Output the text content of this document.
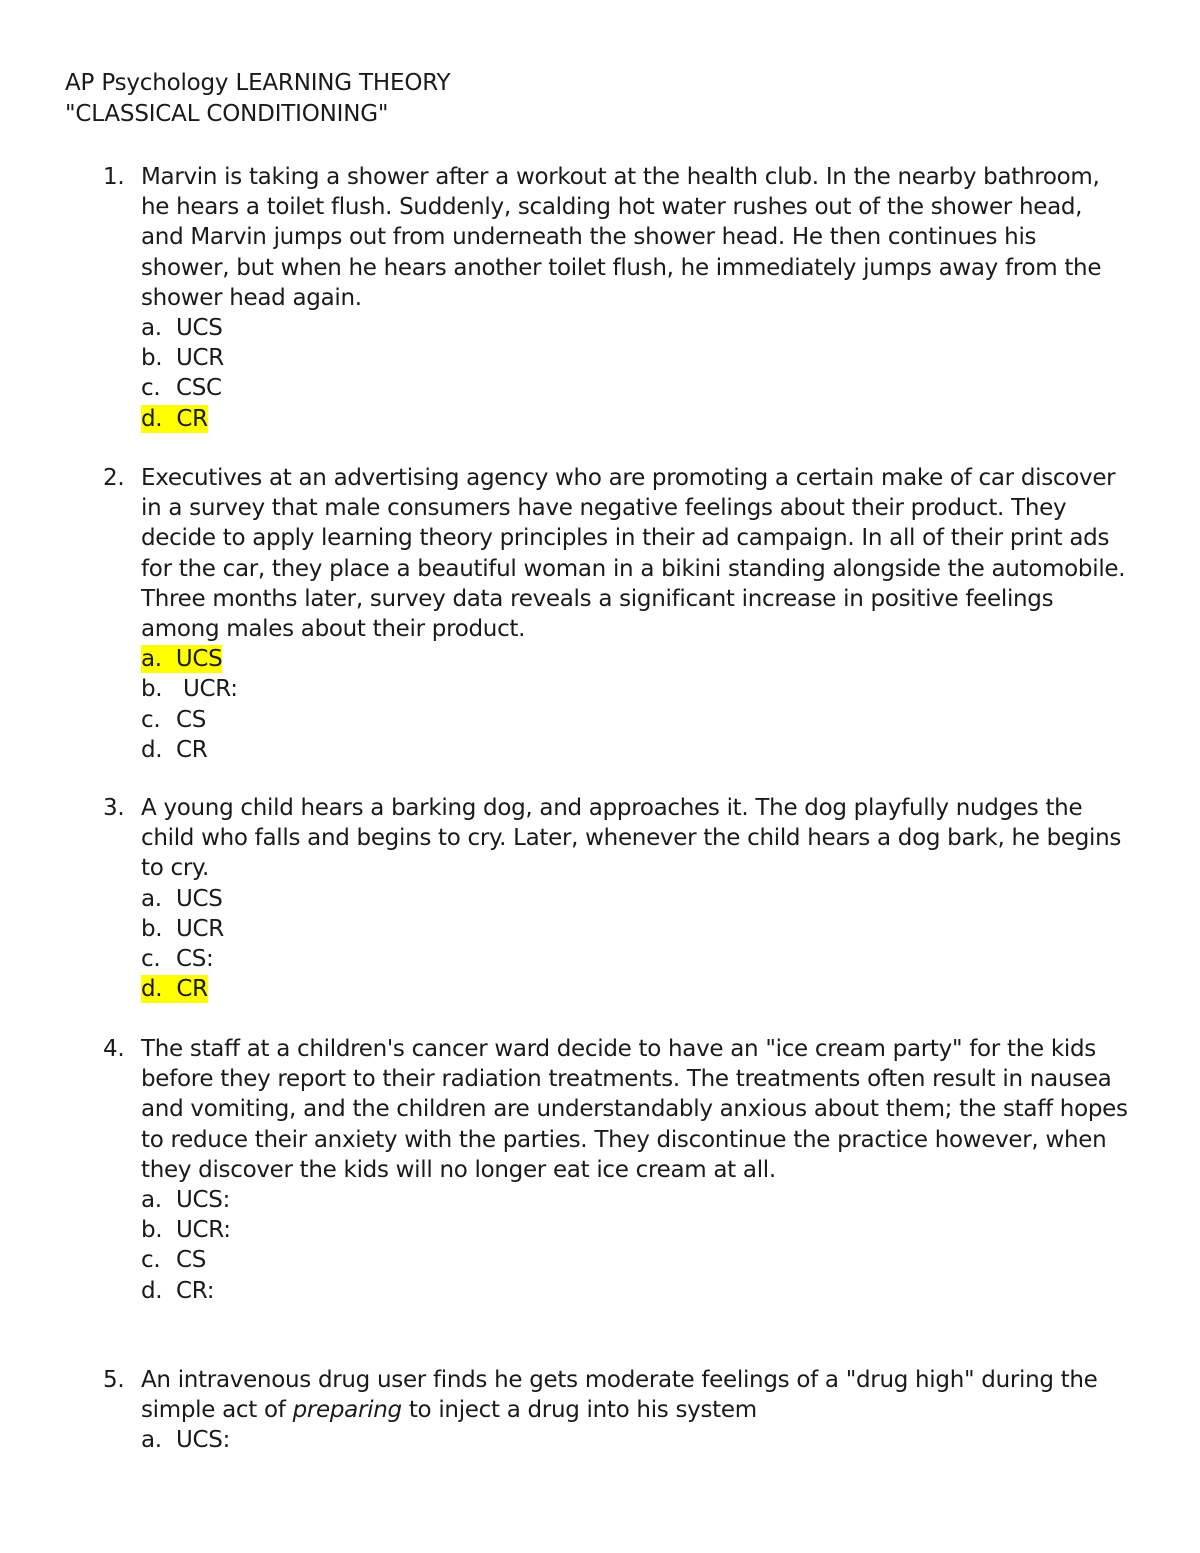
AP Psychology LEARNING THEORY
"CLASSICAL CONDITIONING"
1. Marvin is taking a shower after a workout at the health club. In the nearby bathroom, he hears a toilet flush. Suddenly, scalding hot water rushes out of the shower head, and Marvin jumps out from underneath the shower head. He then continues his shower, but when he hears another toilet flush, he immediately jumps away from the shower head again.
a. UCS
b. UCR
c. CSC
d. CR
2. Executives at an advertising agency who are promoting a certain make of car discover in a survey that male consumers have negative feelings about their product. They decide to apply learning theory principles in their ad campaign. In all of their print ads for the car, they place a beautiful woman in a bikini standing alongside the automobile. Three months later, survey data reveals a significant increase in positive feelings among males about their product.
a. UCS
b. UCR:
c. CS
d. CR
3. A young child hears a barking dog, and approaches it. The dog playfully nudges the child who falls and begins to cry. Later, whenever the child hears a dog bark, he begins to cry.
a. UCS
b. UCR
c. CS:
d. CR
4. The staff at a children's cancer ward decide to have an "ice cream party" for the kids before they report to their radiation treatments. The treatments often result in nausea and vomiting, and the children are understandably anxious about them; the staff hopes to reduce their anxiety with the parties. They discontinue the practice however, when they discover the kids will no longer eat ice cream at all.
a. UCS:
b. UCR:
c. CS
d. CR:
5. An intravenous drug user finds he gets moderate feelings of a "drug high" during the simple act of preparing to inject a drug into his system
a. UCS:
